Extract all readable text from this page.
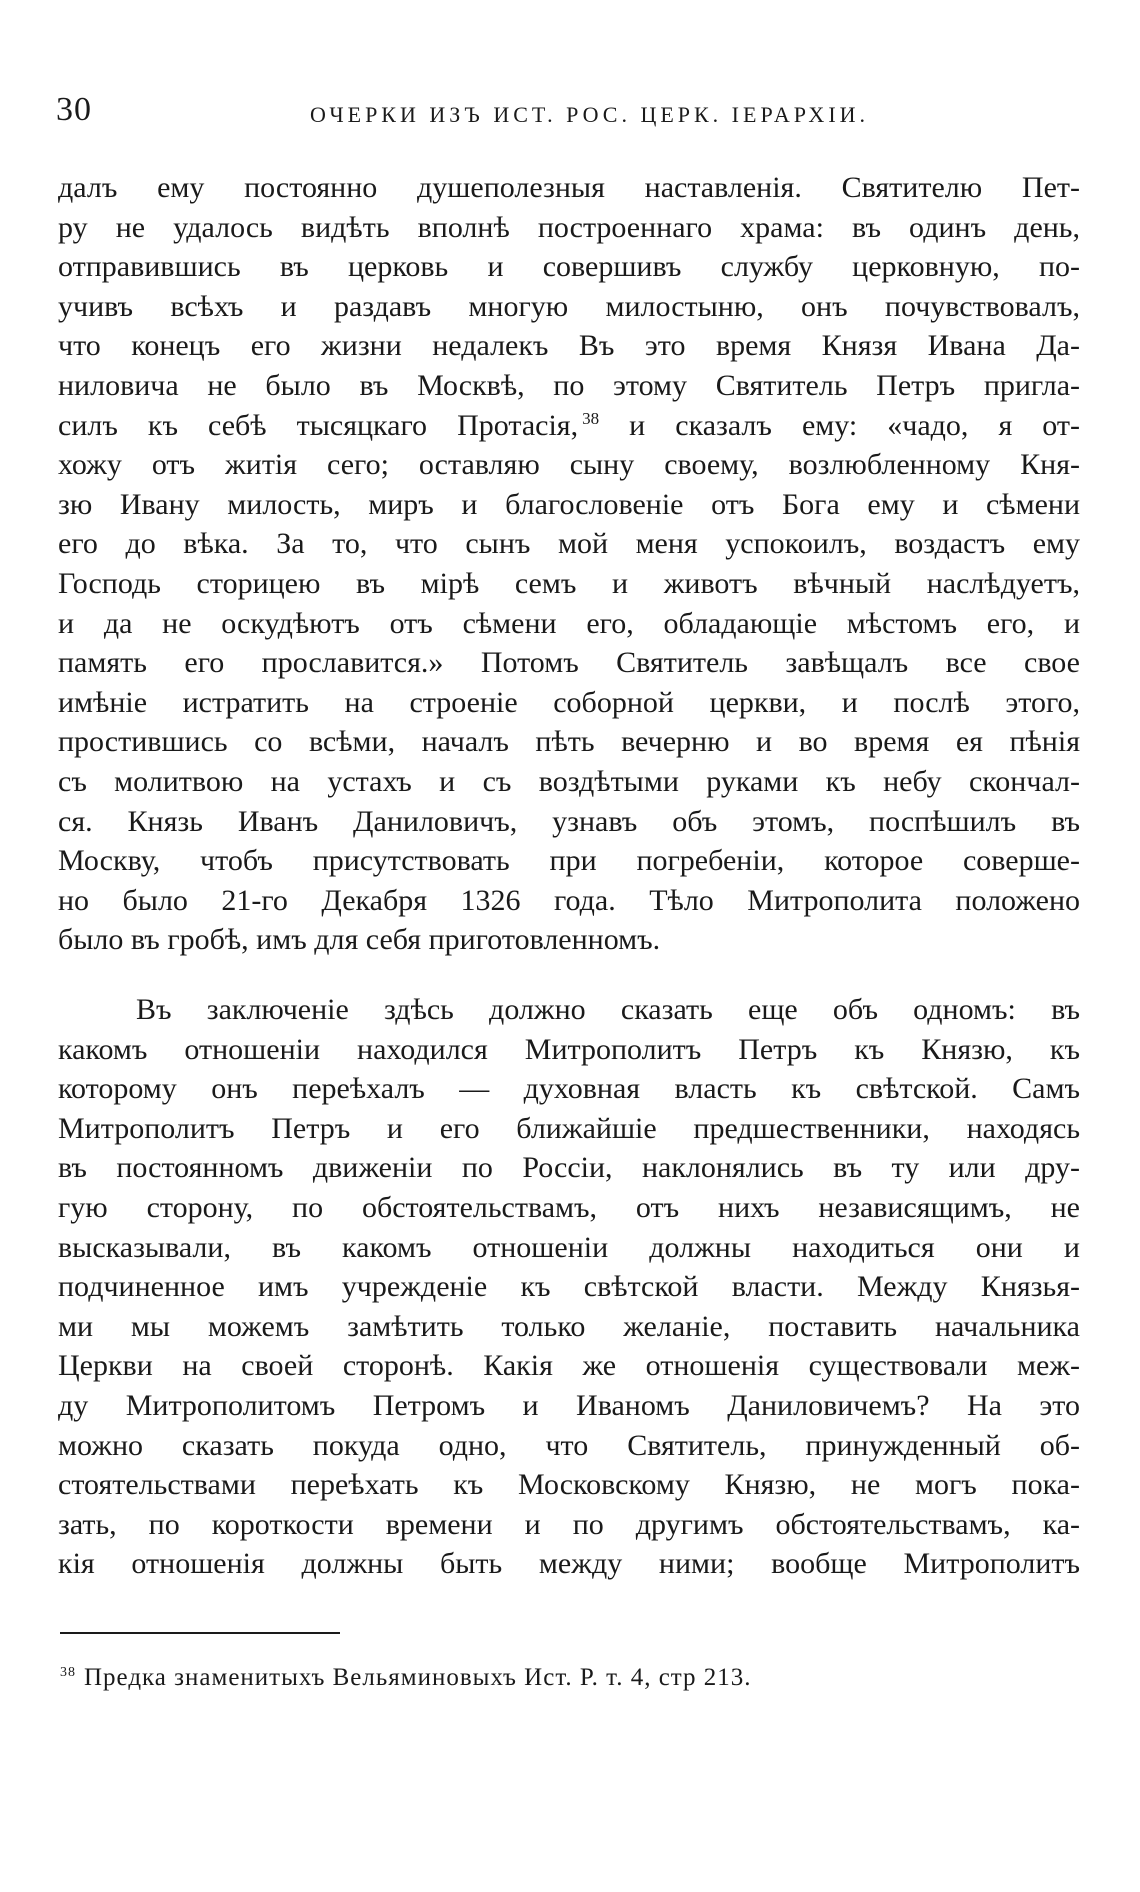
30	ОЧЕРКИ ИЗЪ ИСТ. РОС. ЦЕРК. ІЕРАРХІИ.
далъ ему постоянно душеполезныя наставленія. Святителю Пет-
ру не удалось видѣть вполнѣ построеннаго храма: въ одинъ день,
отправившись въ церковь и совершивъ службу церковную, по-
учивъ всѣхъ и раздавъ многую милостыню, онъ почувствовалъ,
что конецъ его жизни недалекъ Въ это время Князя Ивана Да-
ниловича не было въ Москвѣ, по этому Святитель Петръ пригла-
силъ къ себѣ тысяцкаго Протасія, $^{38}$ и сказалъ ему: «чадо, я от-
хожу отъ житія сего; оставляю сыну своему, возлюбленному Кня-
зю Ивану милость, миръ и благословеніе отъ Бога ему и сѣмени
его до вѣка. За то, что сынъ мой меня успокоилъ, воздастъ ему
Господь сторицею въ мірѣ семъ и животъ вѣчный наслѣдуетъ,
и да не оскудѣютъ отъ сѣмени его, обладающіе мѣстомъ его, и
память его прославится.» Потомъ Святитель завѣщалъ все свое
имѣніе истратить на строеніе соборной церкви, и послѣ этого,
простившись со всѣми, началъ пѣть вечерню и во время ея пѣнія
съ молитвою на устахъ и съ воздѣтыми руками къ небу скончал-
ся. Князь Иванъ Даниловичъ, узнавъ объ этомъ, поспѣшилъ въ
Москву, чтобъ присутствовать при погребеніи, которое соверше-
но было 21-го Декабря 1326 года. Тѣло Митрополита положено
было въ гробѣ, имъ для себя приготовленномъ.
Въ заключеніе здѣсь должно сказать еще объ одномъ: въ
какомъ отношеніи находился Митрополитъ Петръ къ Князю, къ
которому онъ переѣхалъ — духовная власть къ свѣтской. Самъ
Митрополитъ Петръ и его ближайшіе предшественники, находясь
въ постоянномъ движеніи по Россіи, наклонялись въ ту или дру-
гую сторону, по обстоятельствамъ, отъ нихъ независящимъ, не
высказывали, въ какомъ отношеніи должны находиться они и
подчиненное имъ учрежденіе къ свѣтской власти. Между Князья-
ми мы можемъ замѣтить только желаніе, поставить начальника
Церкви на своей сторонѣ. Какія же отношенія существовали меж-
ду Митрополитомъ Петромъ и Иваномъ Даниловичемъ? На это
можно сказать покуда одно, что Святитель, принужденный об-
стоятельствами переѣхать къ Московскому Князю, не могъ пока-
зать, по короткости времени и по другимъ обстоятельствамъ, ка-
кія отношенія должны быть между ними; вообще Митрополитъ
$^{38}$ Предка знаменитыхъ Вельяминовыхъ Ист. Р. т. 4, стр 213.
